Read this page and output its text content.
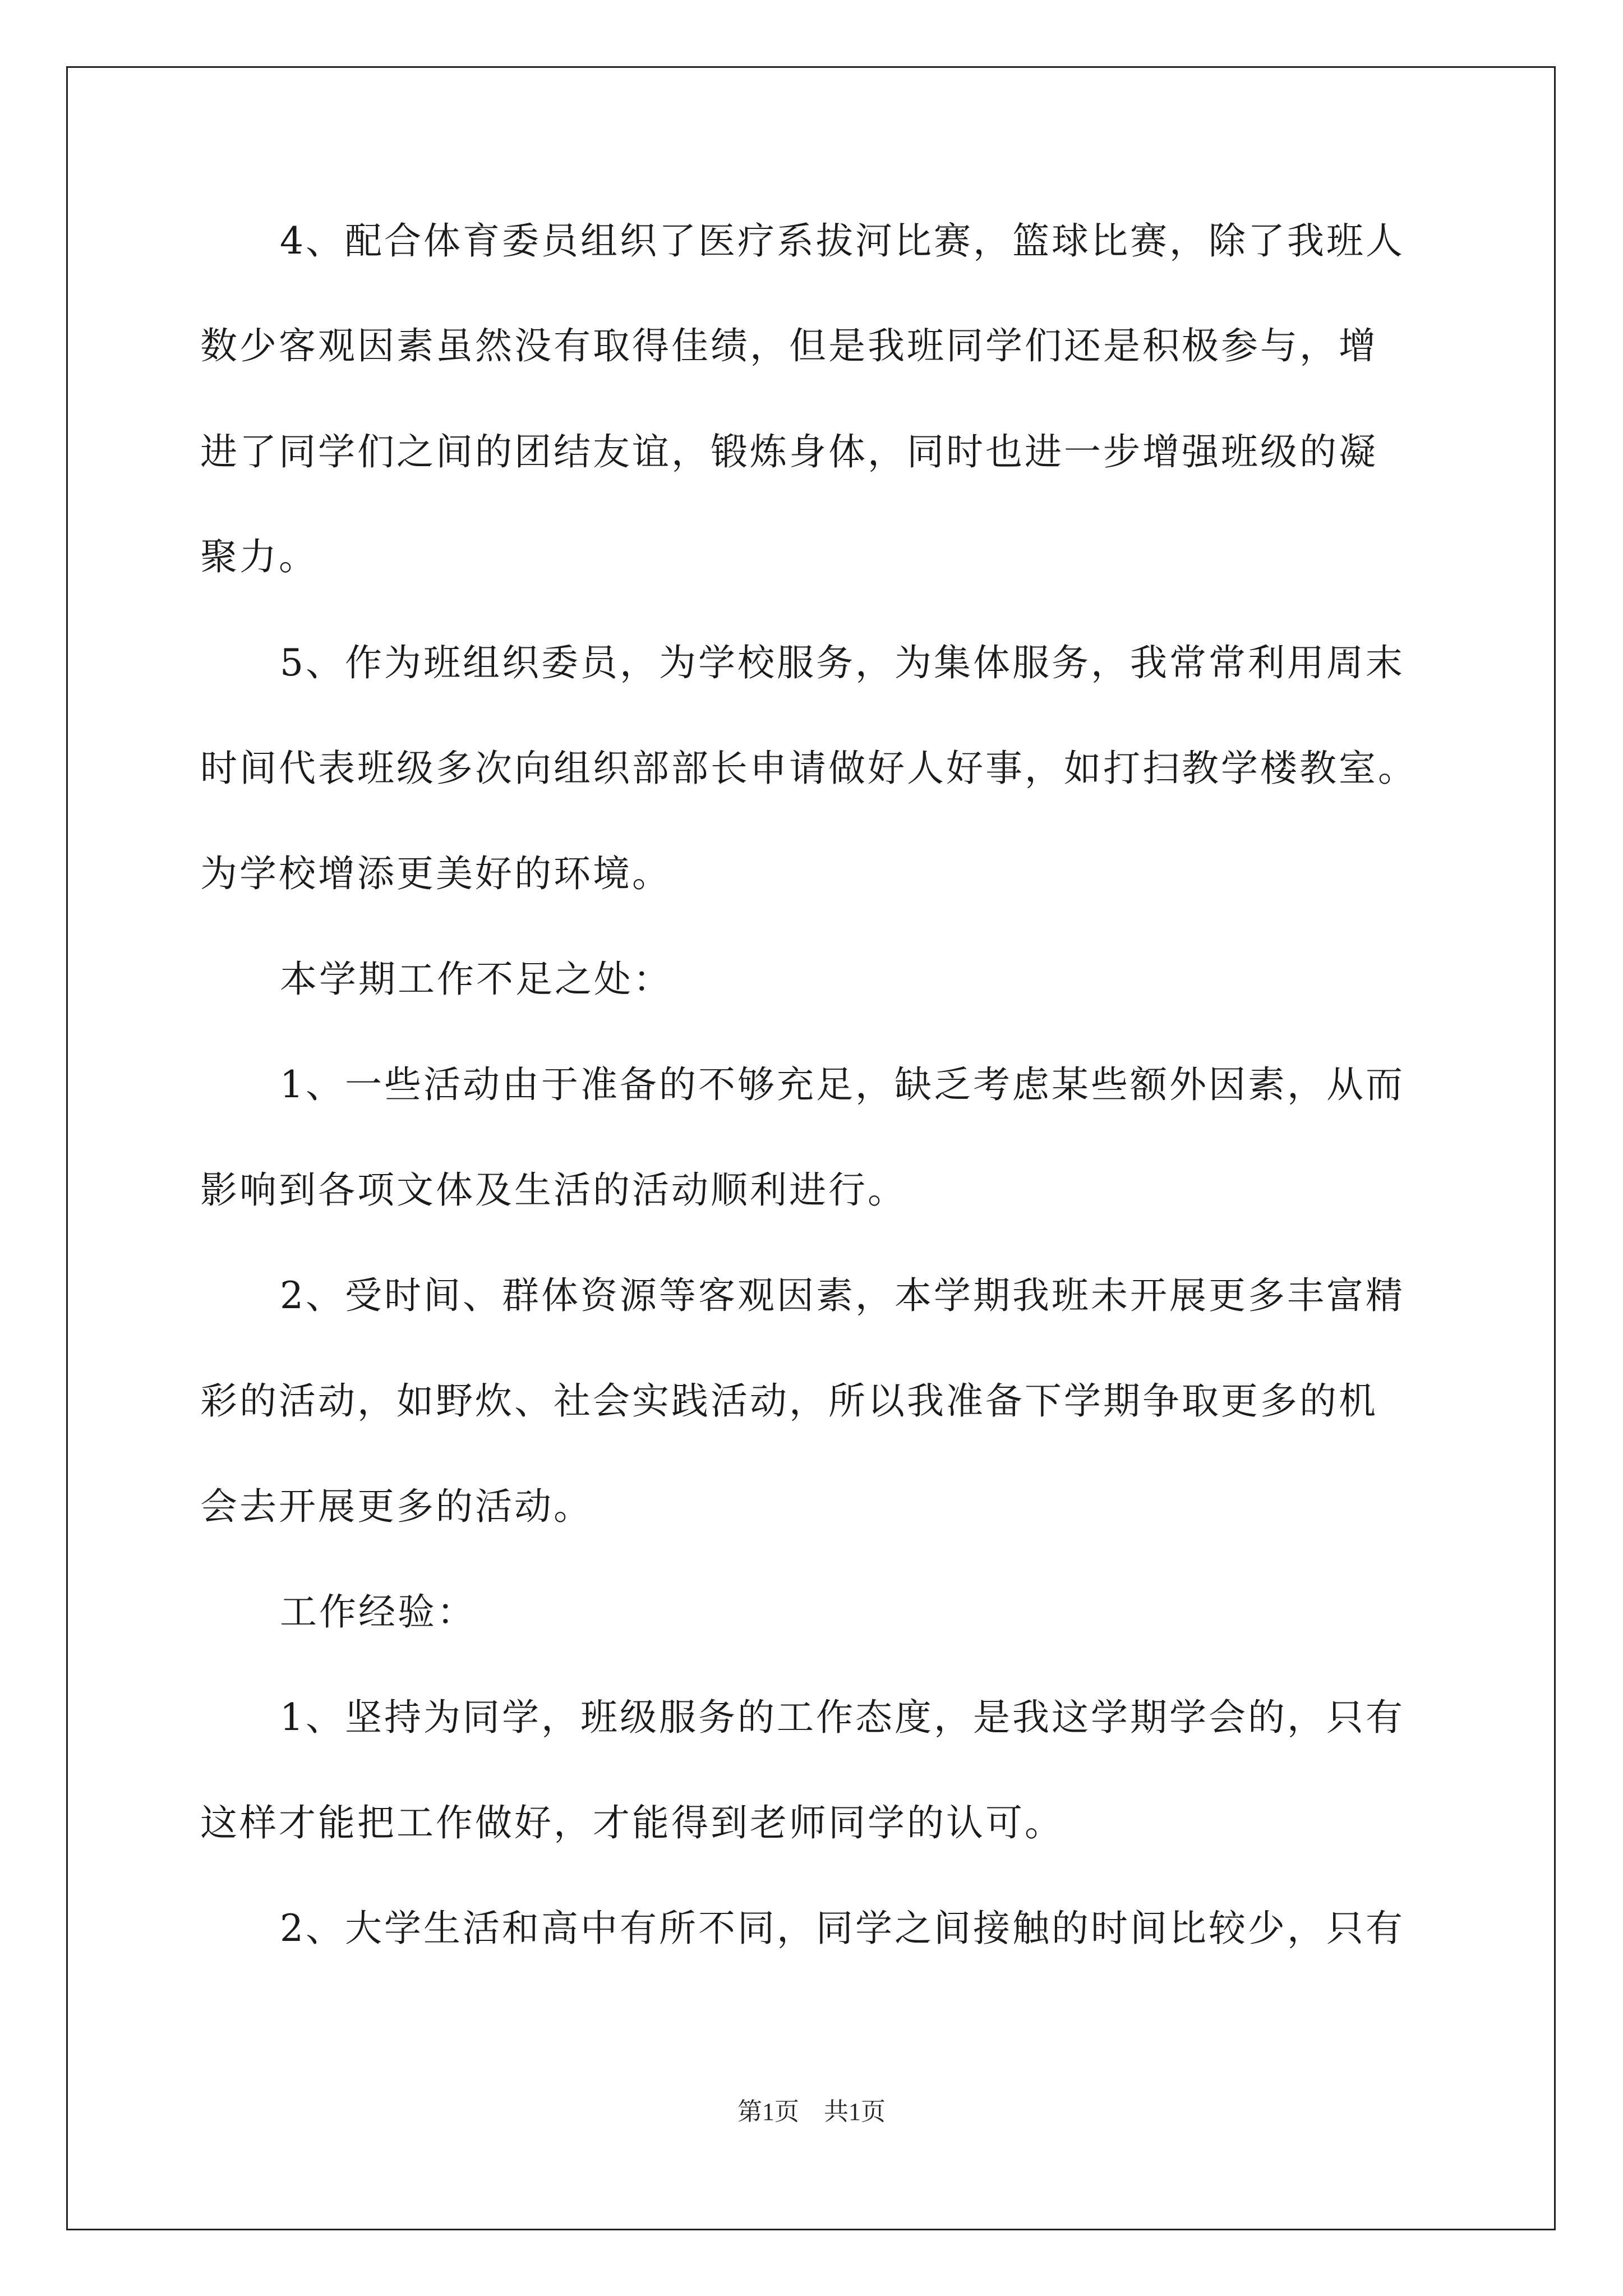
4、配合体育委员组织了医疗系拔河比赛，篮球比赛，除了我班人
数少客观因素虽然没有取得佳绩，但是我班同学们还是积极参与，增
进了同学们之间的团结友谊，锻炼身体，同时也进一步增强班级的凝
聚力。
5、作为班组织委员，为学校服务，为集体服务，我常常利用周末
时间代表班级多次向组织部部长申请做好人好事，如打扫教学楼教室。
为学校增添更美好的环境。
本学期工作不足之处：
1、一些活动由于准备的不够充足，缺乏考虑某些额外因素，从而
影响到各项文体及生活的活动顺利进行。
2、受时间、群体资源等客观因素，本学期我班未开展更多丰富精
彩的活动，如野炊、社会实践活动，所以我准备下学期争取更多的机
会去开展更多的活动。
工作经验：
1、坚持为同学，班级服务的工作态度，是我这学期学会的，只有
这样才能把工作做好，才能得到老师同学的认可。
2、大学生活和高中有所不同，同学之间接触的时间比较少，只有
第1页　共1页
